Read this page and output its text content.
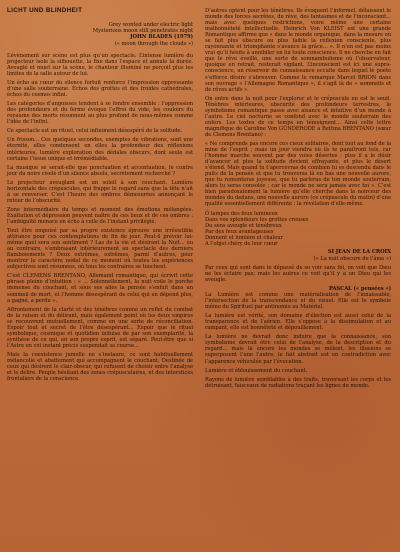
LICHT UND BLINDHEIT
Grey wonted under electric light
Mysterious moon still penetrates night
JOHN BLADES (1979)
(« moon through the clouds »)

L’évènement sur scène est plus qu’un spectacle. L’intense lumière du projecteur isole la silhouette, la fixe dans l’espace et annule la durée. Aveuglé et muet sur la scène, le chanteur illuminé ne perçoit plus les limites de la salle autour de lui.

Un écho au cœur du silence fortuit renforce l’impression oppressante d’une salle souterraine. Échos des grottes et des froides cathédrales, échos du cosmos infini.

Les catégories d’angoisses tendent à se fondre ensemble : l’oppression des profondeurs et du ferme évoque l’effroi du vide, les couloirs du royaume des morts résonnent au plus profond de nous-mêmes comme l’idée de l’infini.

Ce spectacle est un rituel, celui infiniment désespéré de la solitude.

Un frisson... Ces quelques secondes, exemptes de vibrations, sont une éternité, elles condensent en elles la profondeur des réflexions intérieures, lumière exploration des dédales obscurs, dont seule est certaine l’issue unique et irrémédiable.

La musique se serait-elle que ponctuation et accentuation, le contre jour du noirs ciselé d’un silence absolu, secrètement recherché ?

Le projecteur aveuglant est un soleil à son couchant. Lumière horizontale des crépuscules, qui frappe le regard sans que la tête n’ait à se renverser. C’est l’heure des ombres démesurées annonçant le retour de l’obscurité.

Zone intermédiaire du temps et moment des émotions mélangées. Exaltation et dépression peuvent naître de ces lieux et de ces ombres : l’ambiguïté menace en écho à celle de l’instant privilégié.

Tout être empoisé par sa propre existence éprouve une irrésistible attirance pour ces contemplations de fin de jour. Peut-il prévoir lui-même quel sera son sentiment ? Las de la vie et désirant la Nuit... ou au contraire, s’embrasant intérieurement au spectacle des derniers flamboiements ? Deux extrêmes, extrêmes, parmi d’autres, pour montrer le caractère nodal de ce moment où toutes les expériences subjectives sont résumées, où tous les contraires se touchent.

C’est CLEMENS BRENTANO, Allemand romantique, qui écrivit cette phrase pleine d’intuition : « ... Solennellement, la nuit voile le porche immense du couchant, et sous ses ailes la pensée s’enfuit dans un sommeil de mort, et l’homme désespérant de celui qui en dépend plus, a gagné, a perdu ».

Affrontement de la clarté et des ténèbres comme un reflet du combat de la raison et du délirant, mais également point où les deux empires se recouvrent mutuellement, comme en une sorte de réconciliation. Espoir tout et secret de l’être désespérant... Espoir que le rituel symbolique, cosmique et quotidien induise de par son exemplarité, la synthèse de ce qui, en son propre esprit, est séparé. Peut-être que si l’Astre en cet instant précis suspendait sa course...

Mais la coexistence jumelle ne s’instaure, ce sont habituellement mélancolie et abattement qui accompagnent le couchant. Destinée de ceux qui désirent le clair-obscur, qui refusent de choisir entre l’analyse et le délire. Peuple hésitant des zones crépusculaires, et des interstices frontaliers de la conscience.

D’autres optent pour les ténèbres. Ils évoquent l’informel, délaissent le monde des forces secrètes, du rêve, des fantasmes et de l’inconscient... mais avec quelques restrictions, voire même une certaine malhonnêteté intellectuelle. Heinrich Von KLEIST est une grande Romantique affirme que « dans le monde organique, dans la mesure où se fait plus obscure ou plus faible la réflexion consciente, plus rayonnante et triomphante s’avance la grâce... ». Il n’en est pas moins vrai qu’il hésite à annihiler en lui toute conscience. Il ne cherche en fait que le rêve éveillé, une sorte de somnambulisme où l’observateur, quoique en retrait, resterait vigilant. L’inconscient est ici une supra-conscience, un réservoir de connaissance occulte dans lequel le poète s’efforce désire s’abreuver. Comme le remarque Marcel BRION dans son ouvrage « l’Allemagne Romantique », il s’agit là de « sommeils et de rêves actifs ».

On entre dans la nuit pour l’explorer et le crépuscule en est le seuil. Ténèbres intérieures, obscurité des profondeurs terrestres, le symbolisme romantique passe avec aisance et intuitive d’un monde à l’autre. Le ciel nocturne se confond avec le monde souterrain des enfers. Les textes de ce temps en témoignent... Ainsi celte lettre magnifique de Caroline Von GÜNDERODE à Bettina BRENTANO (sœur de Clemens Brentano) :

« Ne comprends pas encore ces cieux solitaires, dont tout au fond de la mine de l’esprit ; mais un jour viendra où ils te paraîtront tels, car l’homme marche souvent par des voies désertes : plus il a le désir d’avancer et plus la solitude devient effrayante, et plus le désert s’étend. Mais quand tu t’apercevras de combien tu es descendu dans le puits de la pensée et que tu trouveras là en bas une nouvelle aurore, que tu remonteras joyeuse, que tu parleras de ton monde souterrain, alors tu seras consolée ; car le monde ne sera jamais avec toi ». C’est bien paradoxalement la lumière qu’elle cherche dans la noirceur des mondes du dedans, une nouvelle aurore (ce crépuscule du matin) d’une qualité essentiellement différente : la révélation d’elle-même.

Ô lampes des feux lumineux
Dans vos splendeurs les grottes creuses
Du sens aveugle et ténébreux
Par des feux avantageuses
Donnent et lumière et chaleur
A l’objet chéry de leur cœur
SI JEAN DE LA CROIX
(« La nuit obscure de l’âme »)

Par ceux qui sont dans le dépassé de so voir sans foi, on voit que Dieu ne les éclaire pas; mais les autres ce voit qu’il y a un Dieu qui les aveugle.

PASCAL (« pensées »)

La Lumière est comme une matérialisation de l’innaissable, l’intersection de la transcendance et du visuel. Elle est le symbole même du Spirituel par antinomie au Matériel.

La lumière est vérité, son domaine d’élection est aussi celui de la transparence et de l’aérien. Elle s’oppose à la dissimulation et au rampant, elle est honnêteté et dépouillement.

La lumière ne devrait donc induire que la connaissance, son symbolisme devrait être celui de l’analyse, de la description et du regard... mais là encore les mondes se mêlent, les illusions se superposent l’une l’autre, le fait abstrait est en contradiction avec l’apparence véhiculée par l’évocation.

Lumière et éblouissement du couchant.

Rayons de lumière semblables à des traits, traversant les corps et les détruisant, faisceaux de radiations traçant les lignes du monde.
